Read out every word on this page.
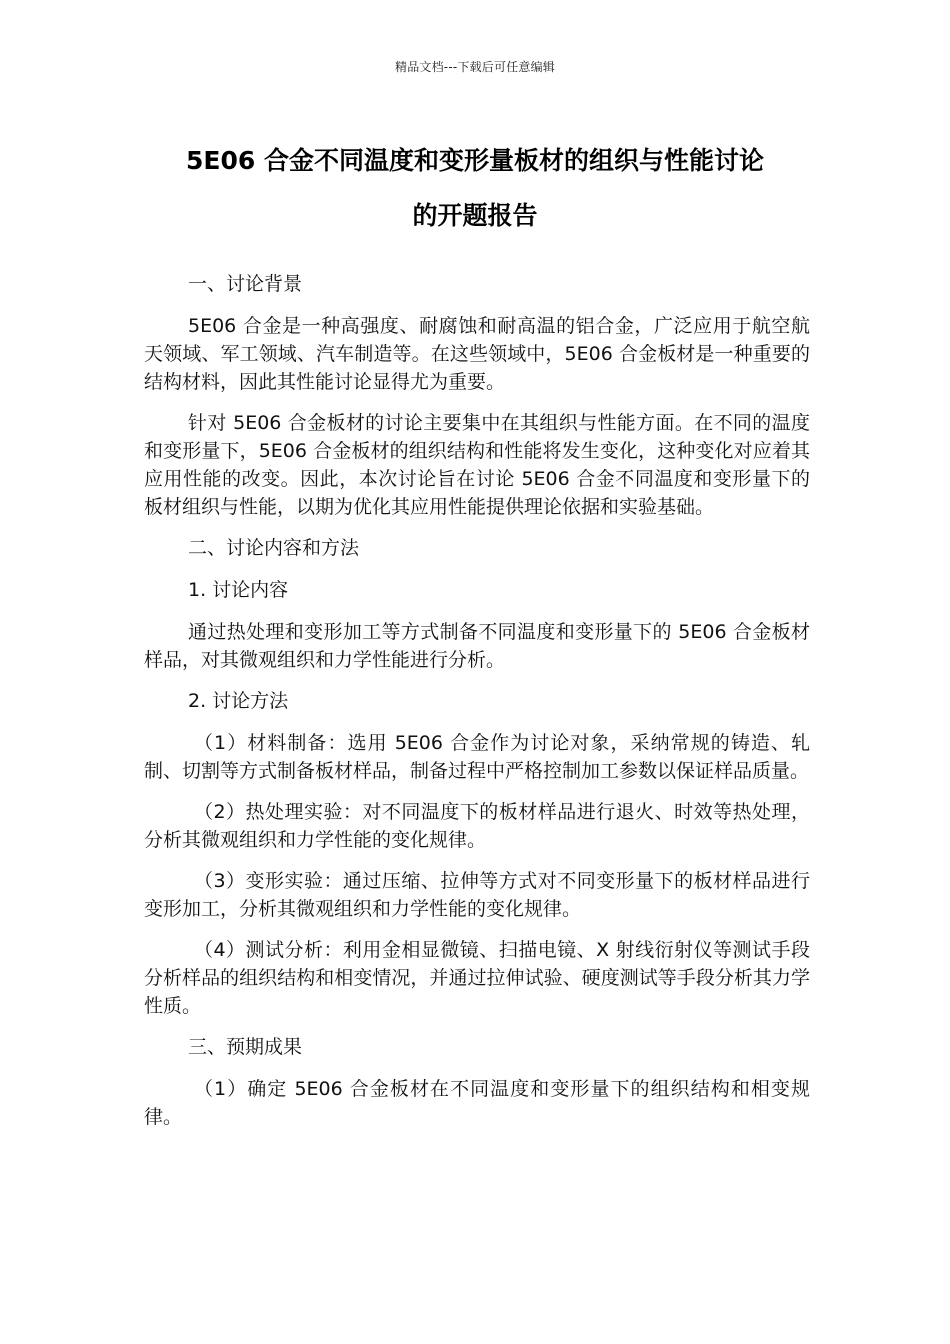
精品文档---下载后可任意编辑
5E06 合金不同温度和变形量板材的组织与性能讨论
的开题报告

一、讨论背景

5E06 合金是一种高强度、耐腐蚀和耐高温的铝合金，广泛应用于航空航天领域、军工领域、汽车制造等。在这些领域中，5E06 合金板材是一种重要的结构材料，因此其性能讨论显得尤为重要。

针对 5E06 合金板材的讨论主要集中在其组织与性能方面。在不同的温度和变形量下，5E06 合金板材的组织结构和性能将发生变化，这种变化对应着其应用性能的改变。因此，本次讨论旨在讨论 5E06 合金不同温度和变形量下的板材组织与性能，以期为优化其应用性能提供理论依据和实验基础。

二、讨论内容和方法

1. 讨论内容

通过热处理和变形加工等方式制备不同温度和变形量下的 5E06 合金板材样品，对其微观组织和力学性能进行分析。

2. 讨论方法

（1）材料制备：选用 5E06 合金作为讨论对象，采纳常规的铸造、轧制、切割等方式制备板材样品，制备过程中严格控制加工参数以保证样品质量。

（2）热处理实验：对不同温度下的板材样品进行退火、时效等热处理，分析其微观组织和力学性能的变化规律。

（3）变形实验：通过压缩、拉伸等方式对不同变形量下的板材样品进行变形加工，分析其微观组织和力学性能的变化规律。

（4）测试分析：利用金相显微镜、扫描电镜、X 射线衍射仪等测试手段分析样品的组织结构和相变情况，并通过拉伸试验、硬度测试等手段分析其力学性质。

三、预期成果

（1）确定 5E06 合金板材在不同温度和变形量下的组织结构和相变规律。
